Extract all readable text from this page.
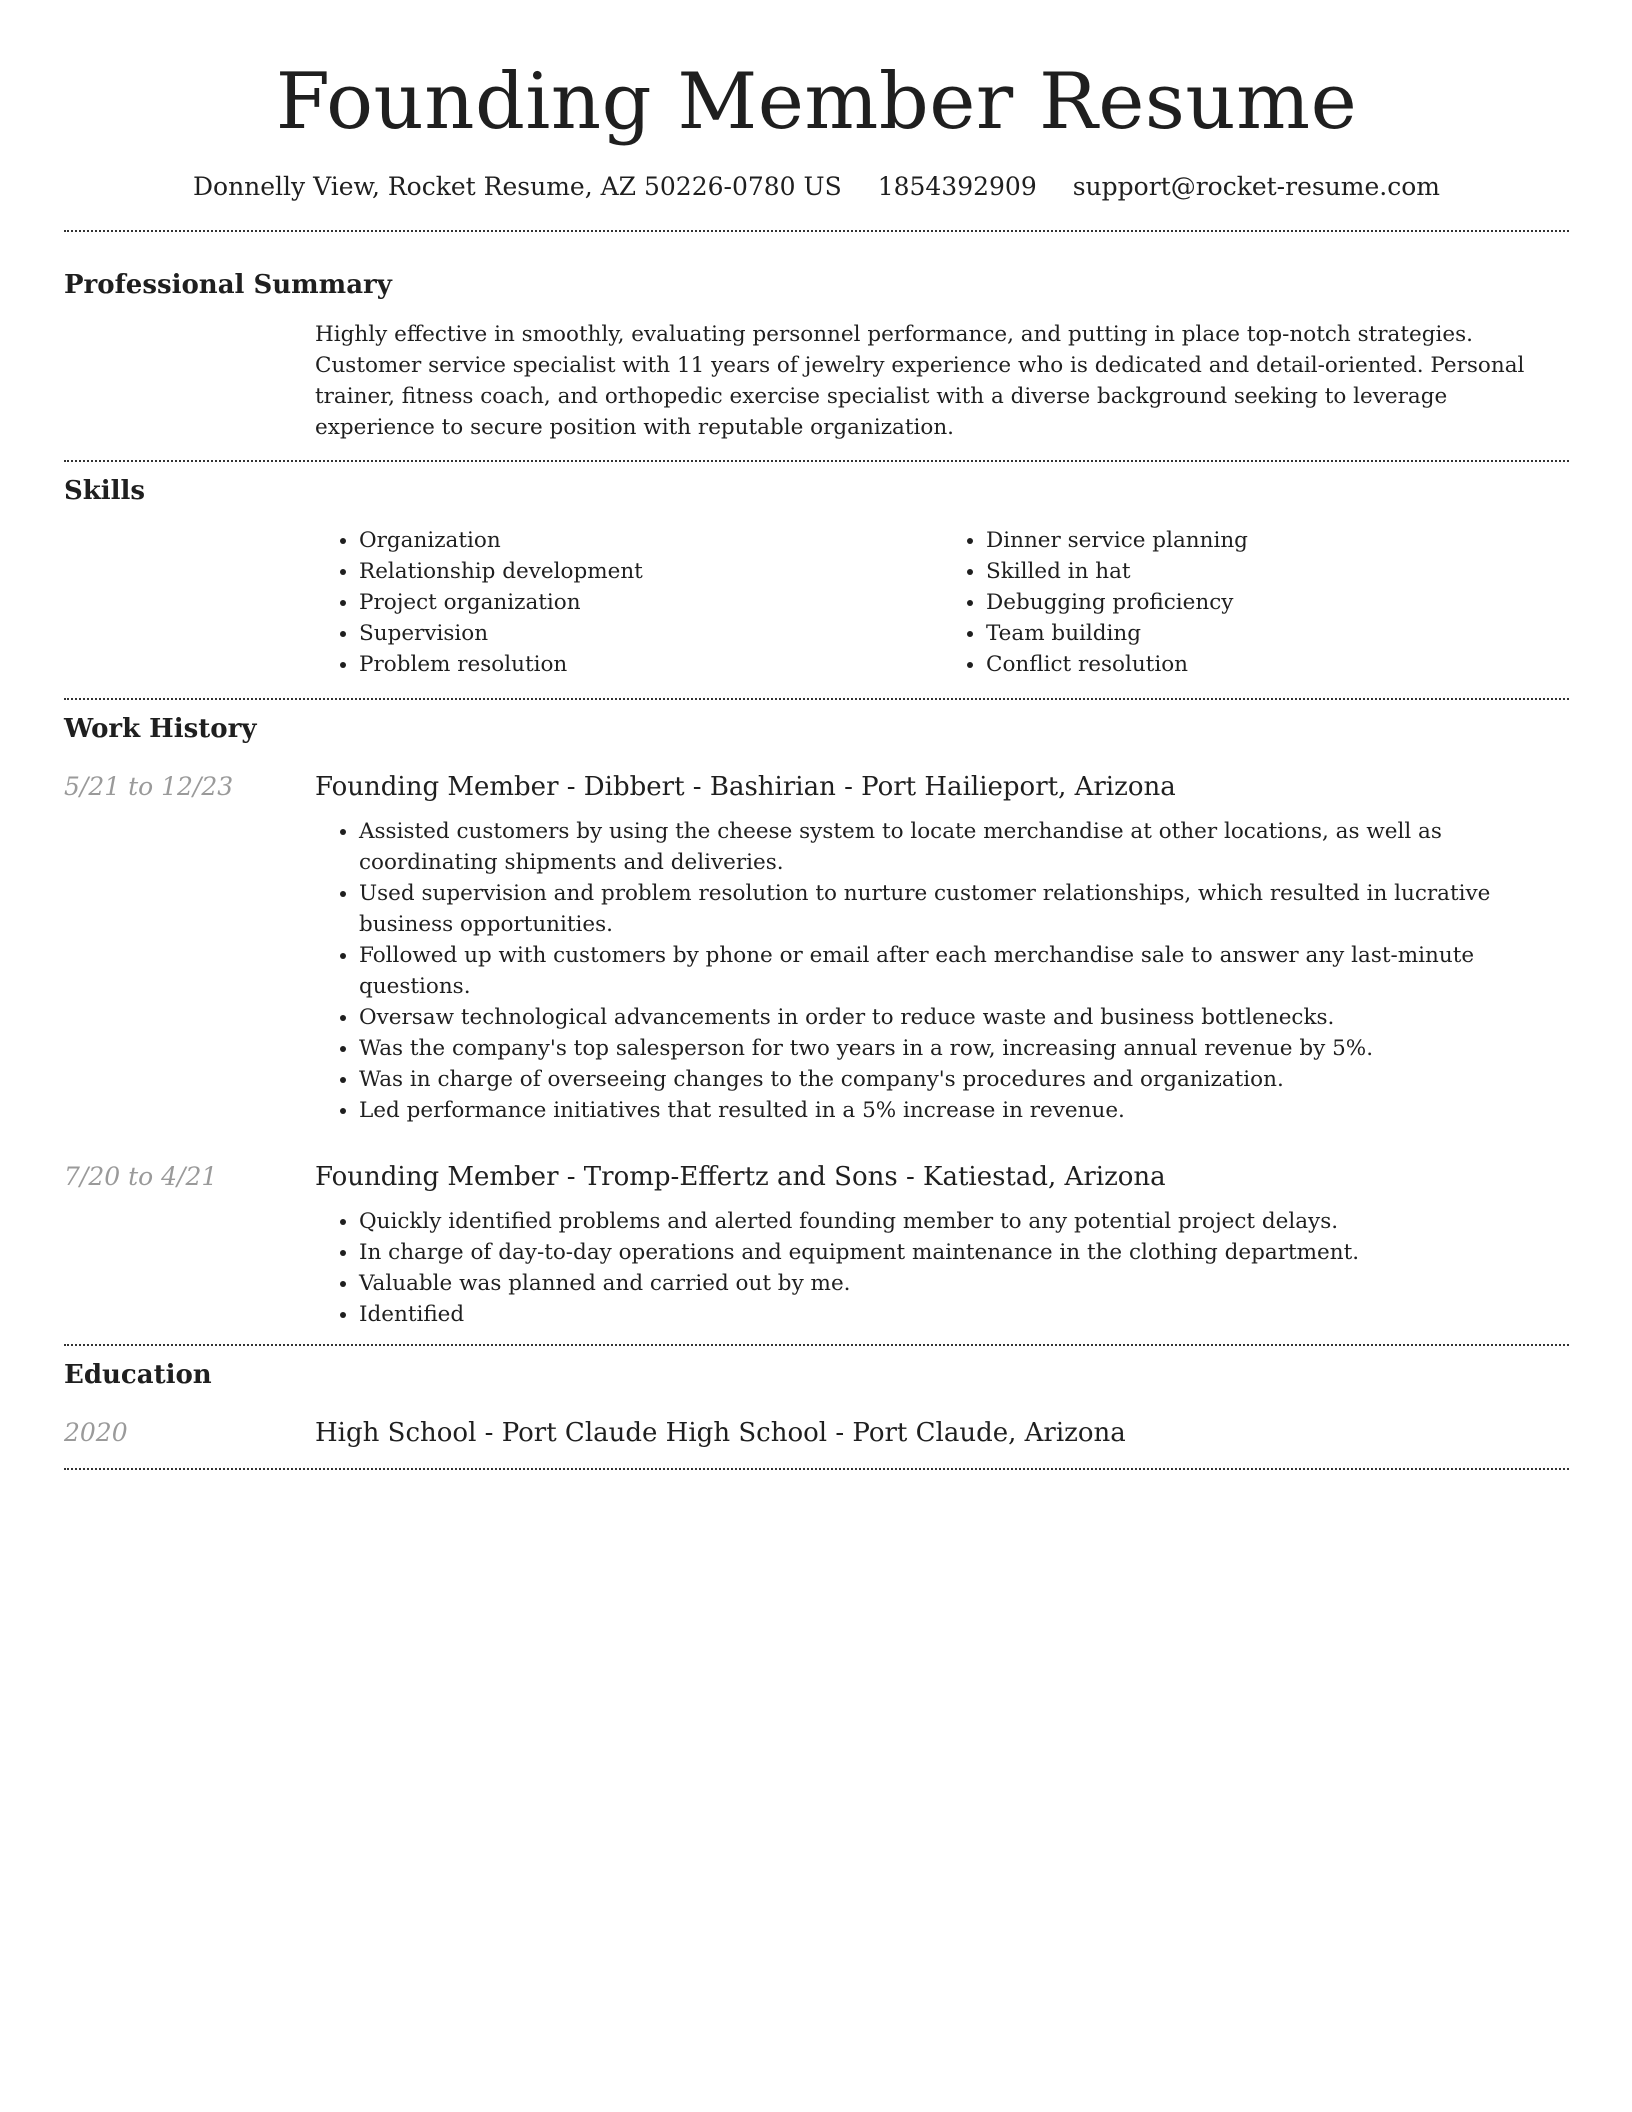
Founding Member Resume
Donnelly View, Rocket Resume, AZ 50226-0780 US 1854392909 support@rocket-resume.com
Professional Summary

Highly effective in smoothly, evaluating personnel performance, and putting in place top-notch strategies. Customer service specialist with 11 years of jewelry experience who is dedicated and detail-oriented. Personal trainer, fitness coach, and orthopedic exercise specialist with a diverse background seeking to leverage experience to secure position with reputable organization.

Skills
• Organization
• Relationship development
• Project organization
• Supervision
• Problem resolution
• Dinner service planning
• Skilled in hat
• Debugging proficiency
• Team building
• Conflict resolution
Work History
5/21 to 12/23	Founding Member - Dibbert - Bashirian - Port Hailieport, Arizona
• Assisted customers by using the cheese system to locate merchandise at other locations, as well as coordinating shipments and deliveries.
• Used supervision and problem resolution to nurture customer relationships, which resulted in lucrative business opportunities.
• Followed up with customers by phone or email after each merchandise sale to answer any last-minute questions.
• Oversaw technological advancements in order to reduce waste and business bottlenecks.
• Was the company's top salesperson for two years in a row, increasing annual revenue by 5%.
• Was in charge of overseeing changes to the company's procedures and organization.
• Led performance initiatives that resulted in a 5% increase in revenue.
7/20 to 4/21	Founding Member - Tromp-Effertz and Sons - Katiestad, Arizona
• Quickly identified problems and alerted founding member to any potential project delays.
• In charge of day-to-day operations and equipment maintenance in the clothing department.
• Valuable was planned and carried out by me.
• Identified
Education
2020	High School - Port Claude High School - Port Claude, Arizona
